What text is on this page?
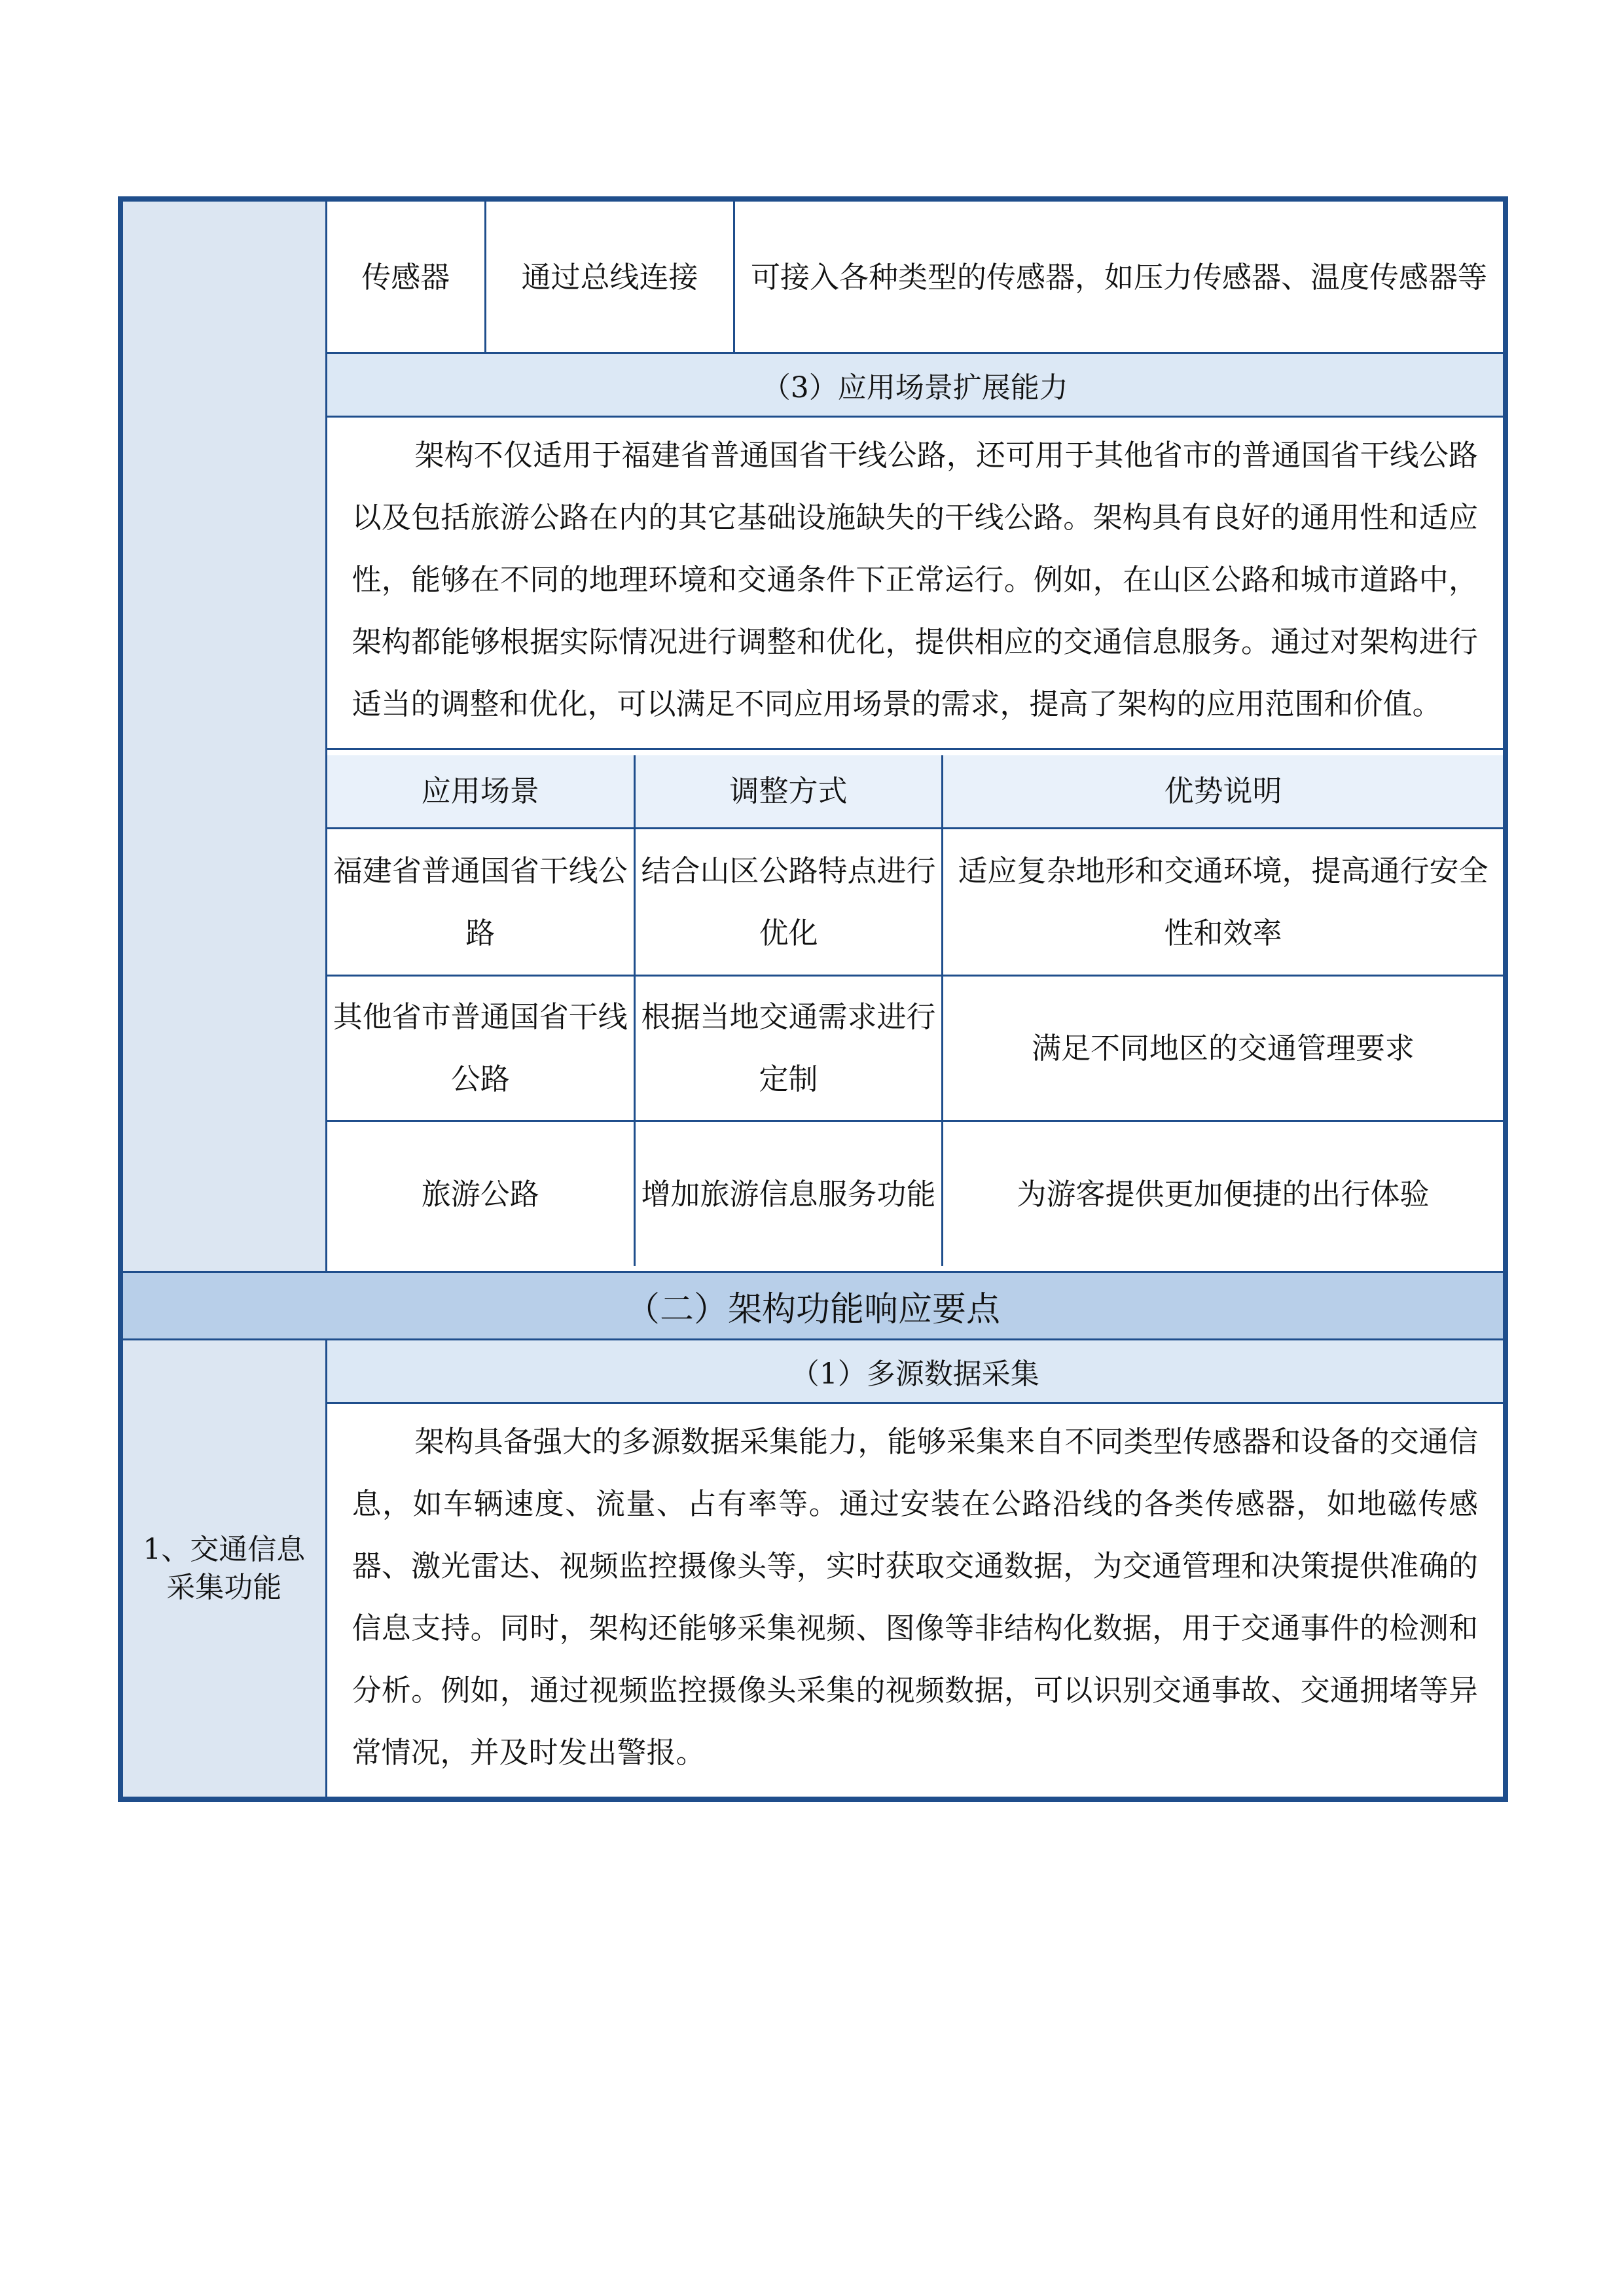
传感器	通过总线连接	可接入各种类型的传感器，如压力传感器、温度传感器等

（3）应用场景扩展能力

架构不仅适用于福建省普通国省干线公路，还可用于其他省市的普通国省干线公路以及包括旅游公路在内的其它基础设施缺失的干线公路。架构具有良好的通用性和适应性，能够在不同的地理环境和交通条件下正常运行。例如，在山区公路和城市道路中，架构都能够根据实际情况进行调整和优化，提供相应的交通信息服务。通过对架构进行适当的调整和优化，可以满足不同应用场景的需求，提高了架构的应用范围和价值。

应用场景	调整方式	优势说明
福建省普通国省干线公路	结合山区公路特点进行优化	适应复杂地形和交通环境，提高通行安全性和效率
其他省市普通国省干线公路	根据当地交通需求进行定制	满足不同地区的交通管理要求
旅游公路	增加旅游信息服务功能	为游客提供更加便捷的出行体验

（二）架构功能响应要点

1、交通信息采集功能
	（1）多源数据采集

架构具备强大的多源数据采集能力，能够采集来自不同类型传感器和设备的交通信息，如车辆速度、流量、占有率等。通过安装在公路沿线的各类传感器，如地磁传感器、激光雷达、视频监控摄像头等，实时获取交通数据，为交通管理和决策提供准确的信息支持。同时，架构还能够采集视频、图像等非结构化数据，用于交通事件的检测和分析。例如，通过视频监控摄像头采集的视频数据，可以识别交通事故、交通拥堵等异常情况，并及时发出警报。
